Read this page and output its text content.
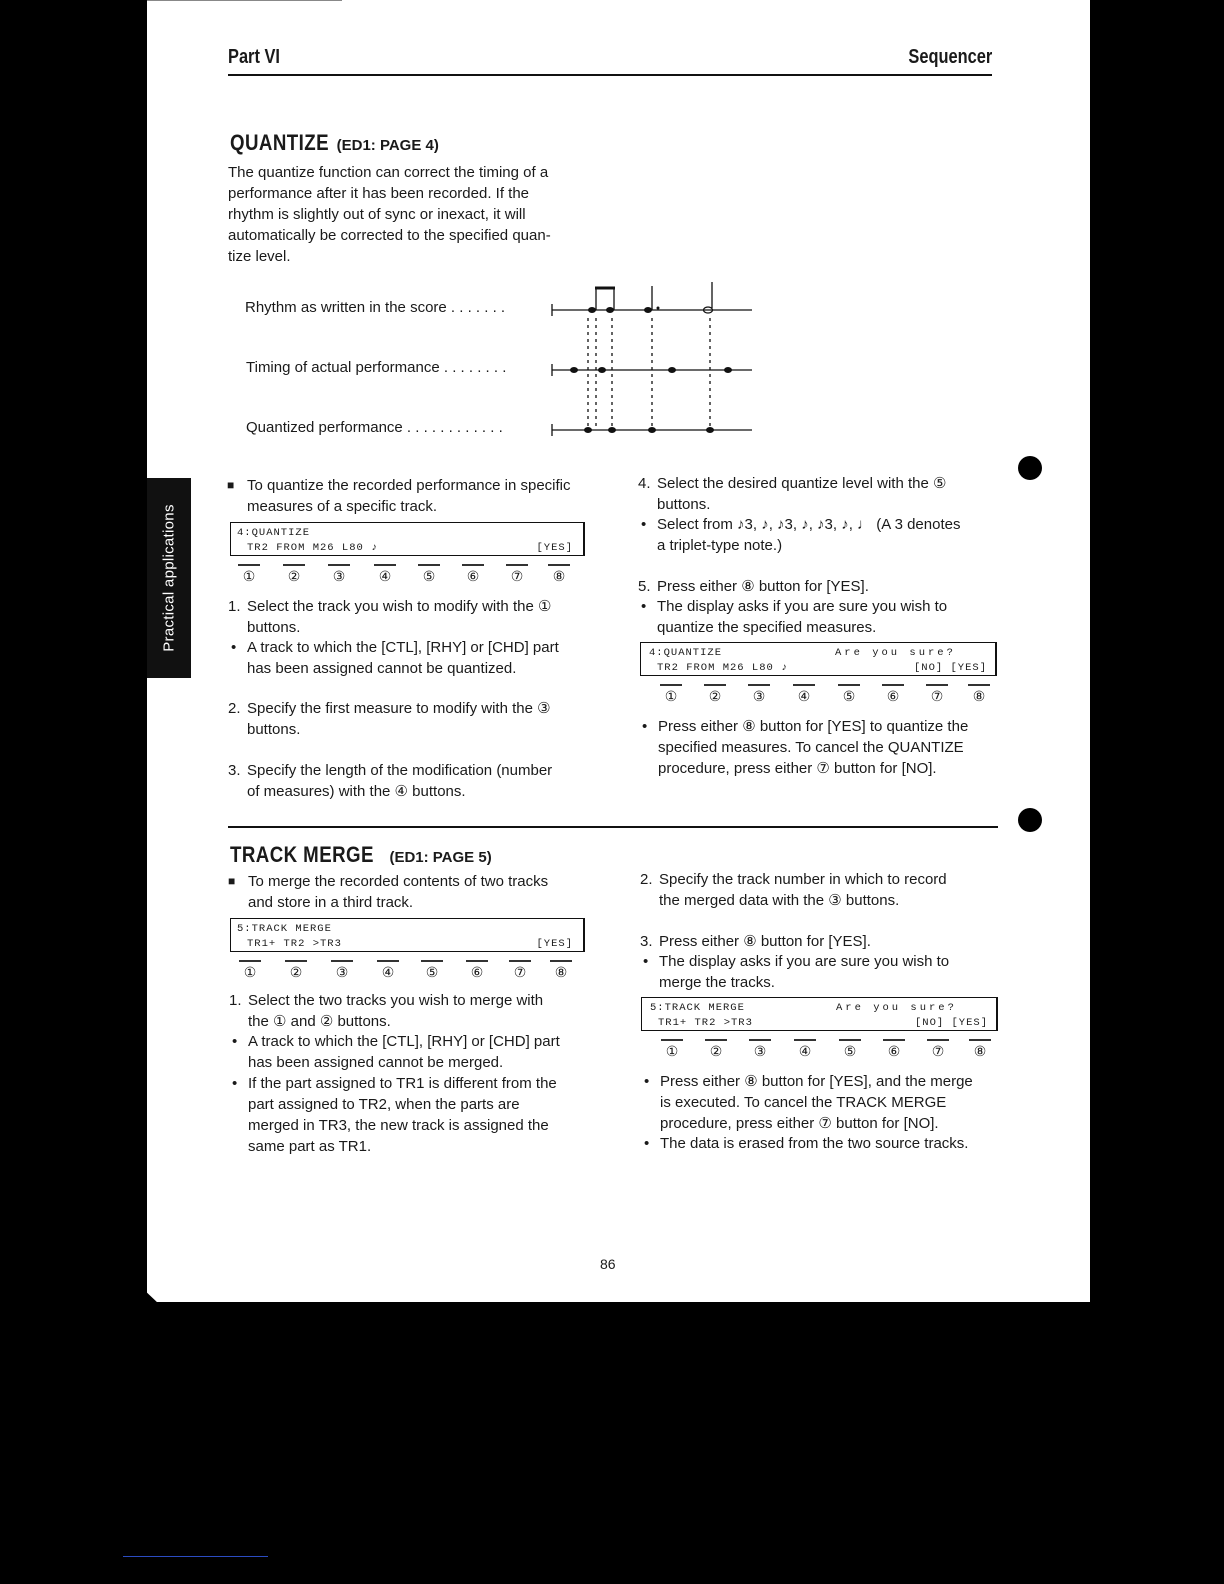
Practical applications
Part VI	Sequencer
QUANTIZE (ED1: PAGE 4)
The quantize function can correct the timing of a
performance after it has been recorded. If the
rhythm is slightly out of sync or inexact, it will
automatically be corrected to the specified quan-
tize level.
Rhythm as written in the score . . . . . . .
Timing of actual performance . . . . . . . .
Quantized performance . . . . . . . . . . . .
■ To quantize the recorded performance in specific
measures of a specific track.
4:QUANTIZE
TR2 FROM M26 L80 ♪	[YES]
①	②	③	④	⑤	⑥	⑦	⑧
1. Select the track you wish to modify with the ①
buttons.
• A track to which the [CTL], [RHY] or [CHD] part
has been assigned cannot be quantized.
2. Specify the first measure to modify with the ③
buttons.
3. Specify the length of the modification (number
of measures) with the ④ buttons.
4. Select the desired quantize level with the ⑤
buttons.
• Select from ♪3, ♪, ♪3, ♪, ♪3, ♪, ♩ (A 3 denotes
a triplet-type note.)
5. Press either ⑧ button for [YES].
• The display asks if you are sure you wish to
quantize the specified measures.
4:QUANTIZE	Are you sure?
TR2 FROM M26 L80 ♪	[NO] [YES]
①	②	③	④	⑤	⑥	⑦	⑧
• Press either ⑧ button for [YES] to quantize the
specified measures. To cancel the QUANTIZE
procedure, press either ⑦ button for [NO].
TRACK MERGE (ED1: PAGE 5)
■ To merge the recorded contents of two tracks
and store in a third track.
5:TRACK MERGE
TR1+ TR2 >TR3	[YES]
①	②	③	④	⑤	⑥	⑦	⑧
1. Select the two tracks you wish to merge with
the ① and ② buttons.
• A track to which the [CTL], [RHY] or [CHD] part
has been assigned cannot be merged.
• If the part assigned to TR1 is different from the
part assigned to TR2, when the parts are
merged in TR3, the new track is assigned the
same part as TR1.
2. Specify the track number in which to record
the merged data with the ③ buttons.
3. Press either ⑧ button for [YES].
• The display asks if you are sure you wish to
merge the tracks.
5:TRACK MERGE	Are you sure?
TR1+ TR2 >TR3	[NO] [YES]
①	②	③	④	⑤	⑥	⑦	⑧
• Press either ⑧ button for [YES], and the merge
is executed. To cancel the TRACK MERGE
procedure, press either ⑦ button for [NO].
• The data is erased from the two source tracks.
86
